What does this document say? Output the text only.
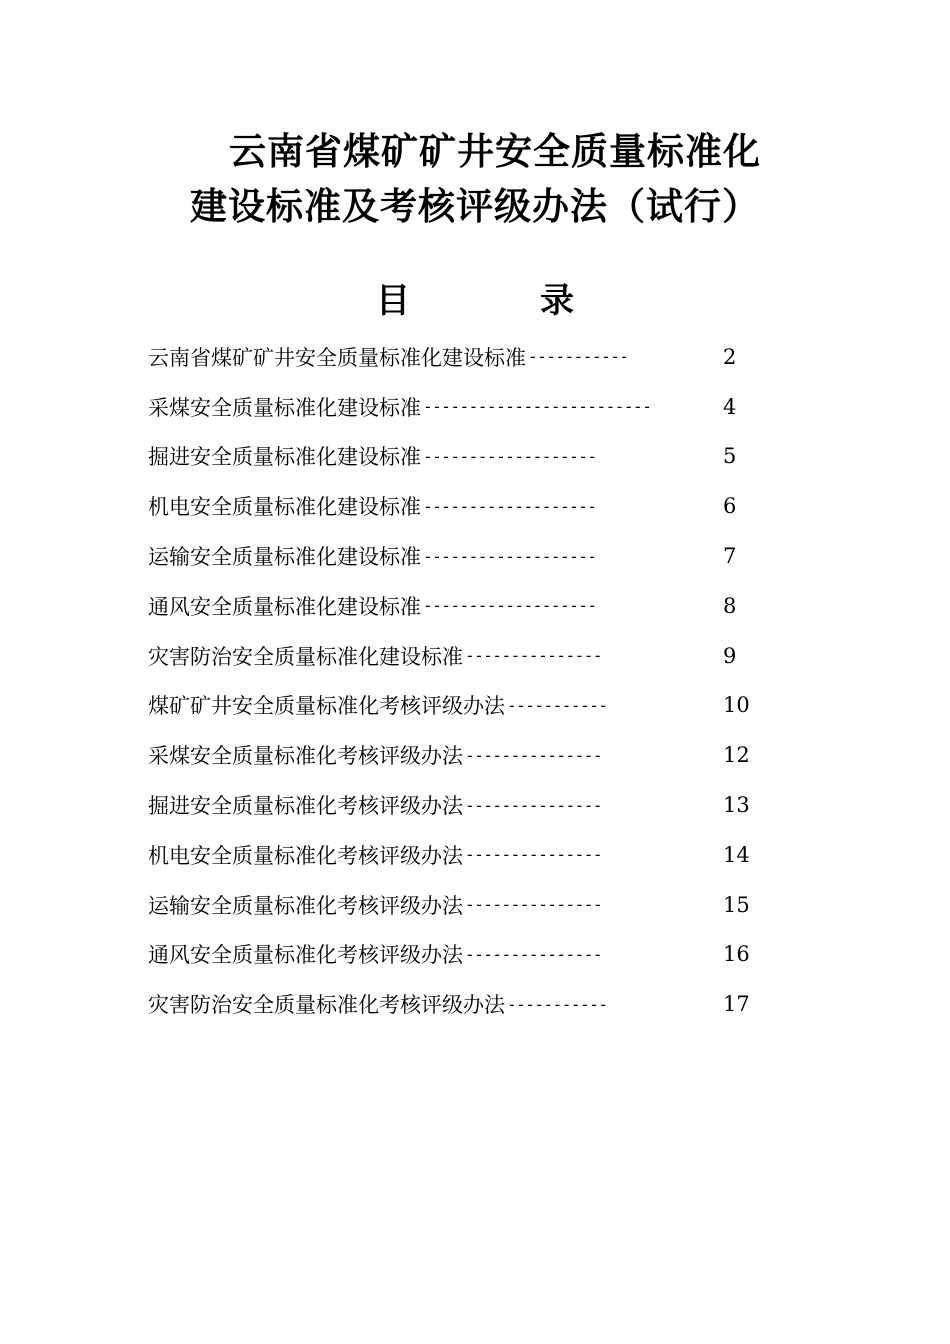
云南省煤矿矿井安全质量标准化
建设标准及考核评级办法（试行）
目	录
云南省煤矿矿井安全质量标准化建设标准 -----------	2
采煤安全质量标准化建设标准 -------------------------	4
掘进安全质量标准化建设标准 -------------------	5
机电安全质量标准化建设标准 -------------------	6
运输安全质量标准化建设标准 -------------------	7
通风安全质量标准化建设标准 -------------------	8
灾害防治安全质量标准化建设标准 ---------------	9
煤矿矿井安全质量标准化考核评级办法 -----------	10
采煤安全质量标准化考核评级办法 ---------------	12
掘进安全质量标准化考核评级办法 ---------------	13
机电安全质量标准化考核评级办法 ---------------	14
运输安全质量标准化考核评级办法 ---------------	15
通风安全质量标准化考核评级办法 ---------------	16
灾害防治安全质量标准化考核评级办法 -----------	17
